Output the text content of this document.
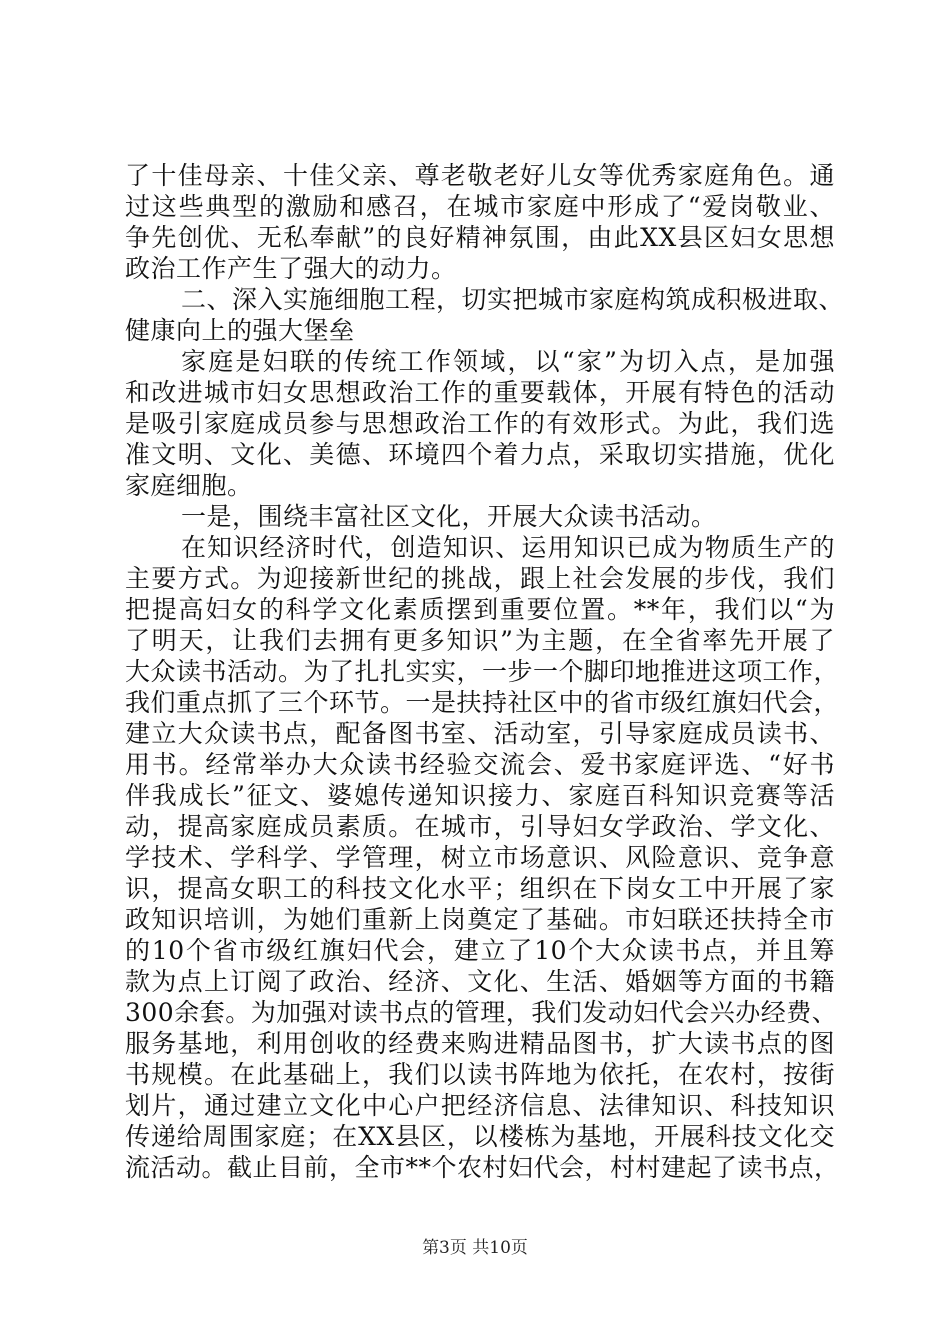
了十佳母亲、十佳父亲、尊老敬老好儿女等优秀家庭角色。通
过这些典型的激励和感召，在城市家庭中形成了“爱岗敬业、
争先创优、无私奉献”的良好精神氛围，由此XX县区妇女思想
政治工作产生了强大的动力。
二、深入实施细胞工程，切实把城市家庭构筑成积极进取、
健康向上的强大堡垒
家庭是妇联的传统工作领域，以“家”为切入点，是加强
和改进城市妇女思想政治工作的重要载体，开展有特色的活动
是吸引家庭成员参与思想政治工作的有效形式。为此，我们选
准文明、文化、美德、环境四个着力点，采取切实措施，优化
家庭细胞。
一是，围绕丰富社区文化，开展大众读书活动。
在知识经济时代，创造知识、运用知识已成为物质生产的
主要方式。为迎接新世纪的挑战，跟上社会发展的步伐，我们
把提高妇女的科学文化素质摆到重要位置。**年，我们以“为
了明天，让我们去拥有更多知识”为主题，在全省率先开展了
大众读书活动。为了扎扎实实，一步一个脚印地推进这项工作，
我们重点抓了三个环节。一是扶持社区中的省市级红旗妇代会，
建立大众读书点，配备图书室、活动室，引导家庭成员读书、
用书。经常举办大众读书经验交流会、爱书家庭评选、“好书
伴我成长”征文、婆媳传递知识接力、家庭百科知识竞赛等活
动，提高家庭成员素质。在城市，引导妇女学政治、学文化、
学技术、学科学、学管理，树立市场意识、风险意识、竞争意
识，提高女职工的科技文化水平；组织在下岗女工中开展了家
政知识培训，为她们重新上岗奠定了基础。市妇联还扶持全市
的10个省市级红旗妇代会，建立了10个大众读书点，并且筹
款为点上订阅了政治、经济、文化、生活、婚姻等方面的书籍
300余套。为加强对读书点的管理，我们发动妇代会兴办经费、
服务基地，利用创收的经费来购进精品图书，扩大读书点的图
书规模。在此基础上，我们以读书阵地为依托，在农村，按街
划片，通过建立文化中心户把经济信息、法律知识、科技知识
传递给周围家庭；在XX县区，以楼栋为基地，开展科技文化交
流活动。截止目前，全市**个农村妇代会，村村建起了读书点，
第3页 共10页
